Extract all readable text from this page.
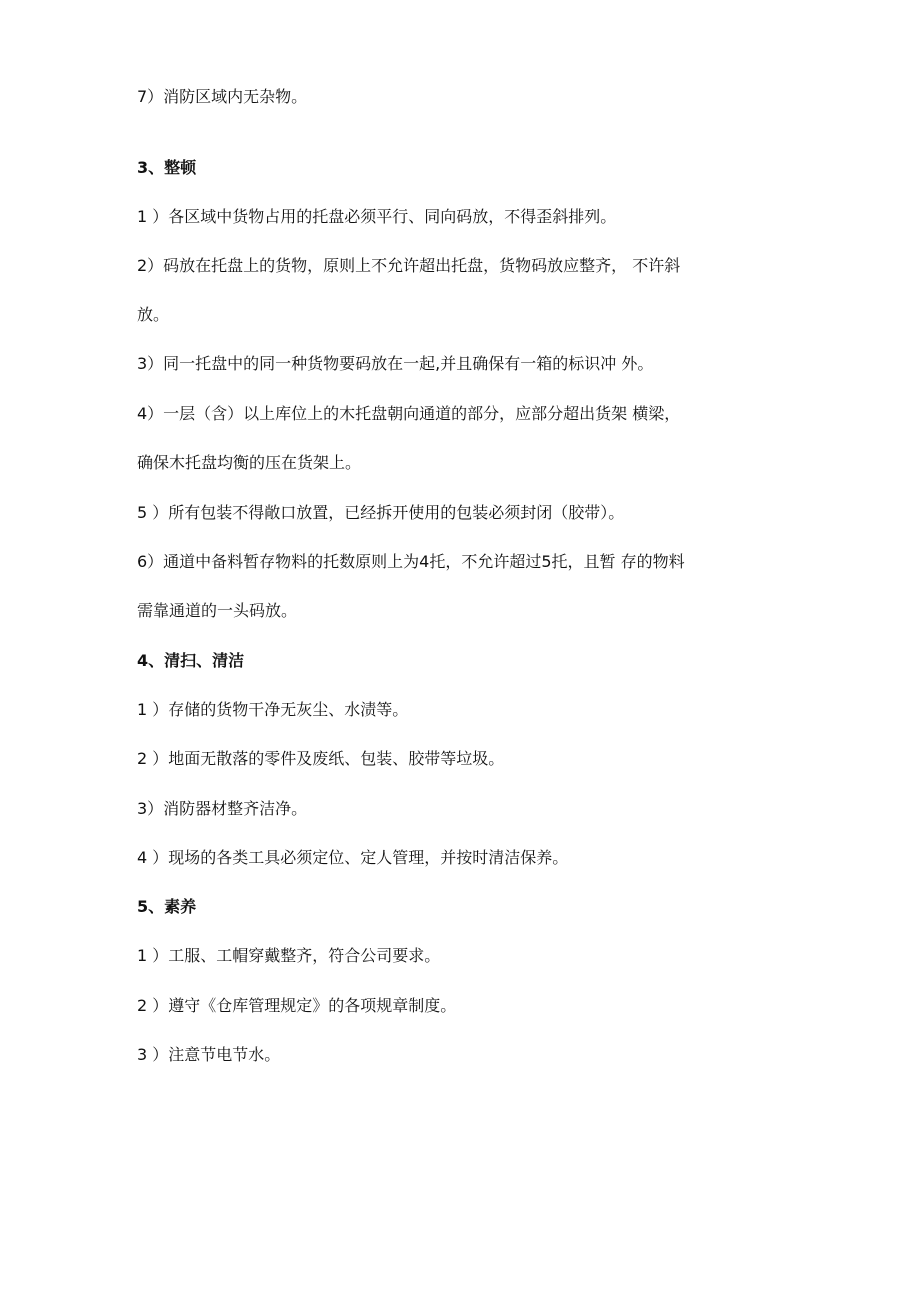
7）消防区域内无杂物。
3、整顿
1 ）各区域中货物占用的托盘必须平行、同向码放，不得歪斜排列。
2）码放在托盘上的货物，原则上不允许超出托盘，货物码放应整齐， 不许斜
放。
3）同一托盘中的同一种货物要码放在一起,并且确保有一箱的标识冲 外。
4）一层（含）以上库位上的木托盘朝向通道的部分，应部分超出货架 横梁，
确保木托盘均衡的压在货架上。
5 ）所有包装不得敞口放置，已经拆开使用的包装必须封闭（胶带）。
6）通道中备料暂存物料的托数原则上为4托，不允许超过5托，且暂 存的物料
需靠通道的一头码放。
4、清扫、清洁
1 ）存储的货物干净无灰尘、水渍等。
2 ）地面无散落的零件及废纸、包装、胶带等垃圾。
3）消防器材整齐洁净。
4 ）现场的各类工具必须定位、定人管理，并按时清洁保养。
5、素养
1 ）工服、工帽穿戴整齐，符合公司要求。
2 ）遵守《仓库管理规定》的各项规章制度。
3 ）注意节电节水。
